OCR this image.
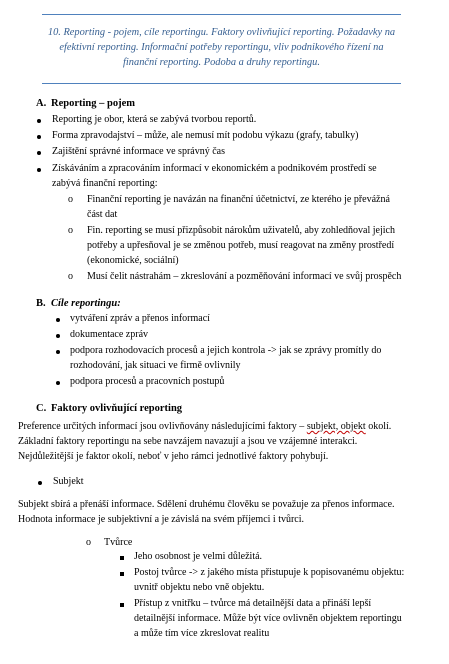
10. Reporting - pojem, cíle reportingu. Faktory ovlivňující reporting. Požadavky na efektivní reporting. Informační potřeby reportingu, vliv podnikového řízení na finanční reporting. Podoba a druhy reportingu.

A. Reporting – pojem
Reporting je obor, která se zabývá tvorbou reportů.
Forma zpravodajství – může, ale nemusí mít podobu výkazu (grafy, tabulky)
Zajištění správné informace ve správný čas
Získáváním a zpracováním informací v ekonomickém a podnikovém prostředí se
zabývá finanční reporting:
o Finanční reporting je navázán na finanční účetnictví, ze kterého je převážná
část dat
o Fin. reporting se musí přizpůsobit nárokům uživatelů, aby zohledňoval jejich
potřeby a upřesňoval je se změnou potřeb, musí reagovat na změny prostředí
(ekonomické, sociální)
o Musí čelit nástrahám – zkreslování a pozměňování informací ve svůj prospěch
B. Cíle reportingu:
vytváření zpráv a přenos informací
dokumentace zpráv
podpora rozhodovacích procesů a jejich kontrola -> jak se zprávy promítly do
rozhodování, jak situaci ve firmě ovlivnily
podpora procesů a pracovních postupů
C. Faktory ovlivňující reporting
Preference určitých informací jsou ovlivňovány následujícími faktory – subjekt, objekt okolí.
Základní faktory reportingu na sebe navzájem navazují a jsou ve vzájemné interakci.
Nejdůležitější je faktor okolí, neboť v jeho rámci jednotlivé faktory pohybují.
Subjekt
Subjekt sbírá a přenáší informace. Sdělení druhému člověku se považuje za přenos informace.
Hodnota informace je subjektivní a je závislá na svém příjemci i tvůrci.
o Tvůrce
Jeho osobnost je velmi důležitá.
Postoj tvůrce -> z jakého místa přistupuje k popisovanému objektu:
uvnitř objektu nebo vně objektu.
Přístup z vnitřku – tvůrce má detailnější data a přináší lepší
detailnější informace. Může být více ovlivněn objektem reportingu
a může tím více zkreslovat realitu
